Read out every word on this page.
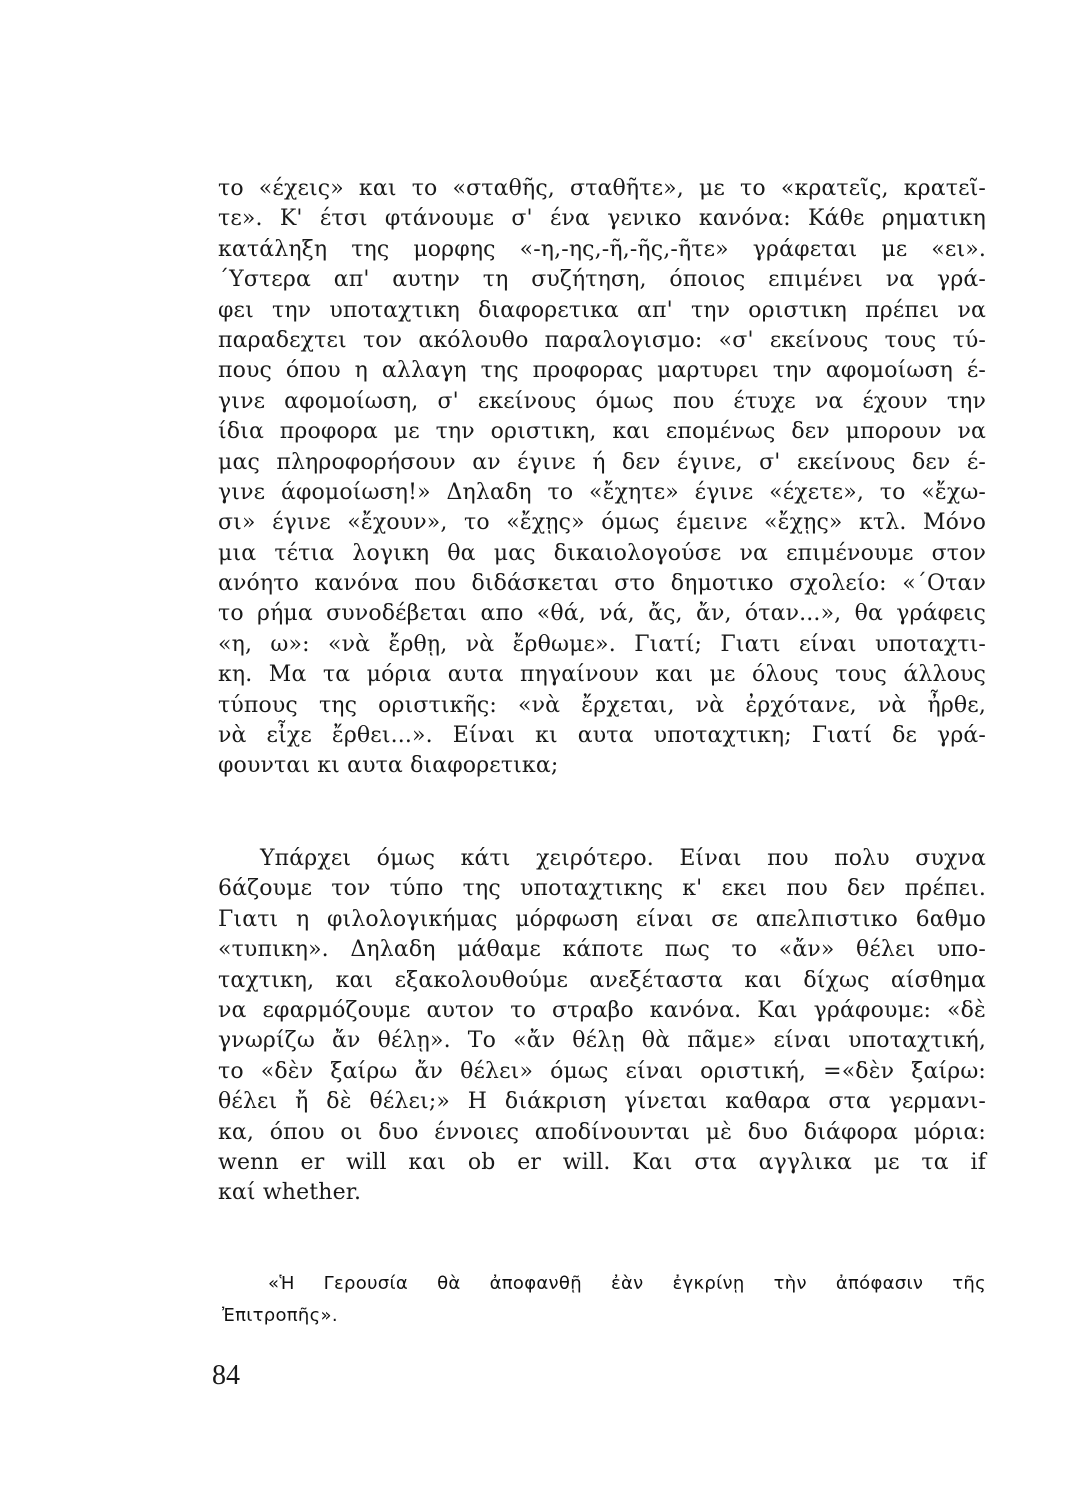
το «έχεις» και το «σταθῆς, σταθῆτε», με το «κρατεῖς, κρατεῖ-
τε». Κ' έτσι φτάνουμε σ' ένα γενικο κανόνα: Κάθε ρηματικη
κατάληξη της μορφης «-η,-ης,-ῆ,-ῆς,-ῆτε» γράφεται με «ει».
΄Υστερα απ' αυτην τη συζήτηση, όποιος επιμένει να γρά-
φει την υποταχτικη διαφορετικα απ' την οριστικη πρέπει να
παραδεχτει τον ακόλουθο παραλογισμο: «σ' εκείνους τους τύ-
πους όπου η αλλαγη της προφορας μαρτυρει την αφομοίωση έ-
γινε αφομοίωση, σ' εκείνους όμως που έτυχε να έχουν την
ίδια προφορα με την οριστικη, και επομένως δεν μπορουν να
μας πληροφορήσουν αν έγινε ή δεν έγινε, σ' εκείνους δεν έ-
γινε άφομοίωση!» Δηλαδη το «ἔχητε» έγινε «έχετε», το «ἔχω-
σι» έγινε «ἔχουν», το «ἔχῃς» όμως έμεινε «ἔχῃς» κτλ. Μόνο
μια τέτια λογικη θα μας δικαιολογούσε να επιμένουμε στον
ανόητο κανόνα που διδάσκεται στο δημοτικο σχολείο: «΄Οταν
το ρήμα συνοδέβεται απο «θά, νά, ἄς, ἄν, όταν...», θα γράφεις
«η, ω»: «νὰ ἔρθῃ, νὰ ἔρθωμε». Γιατί; Γιατι είναι υποταχτι-
κη. Μα τα μόρια αυτα πηγαίνουν και με όλους τους άλλους
τύπους της οριστικῆς: «νὰ ἔρχεται, νὰ ἐρχότανε, νὰ ἦρθε,
νὰ εἶχε ἔρθει...». Είναι κι αυτα υποταχτικη; Γιατί δε γρά-
φουνται κι αυτα διαφορετικα;
Υπάρχει όμως κάτι χειρότερο. Είναι που πολυ συχνα
6άζουμε τον τύπο της υποταχτικης κ' εκει που δεν πρέπει.
Γιατι η φιλολογικήμας μόρφωση είναι σε απελπιστικο 6αθμο
«τυπικη». Δηλαδη μάθαμε κάποτε πως το «ἄν» θέλει υπο-
ταχτικη, και εξακολουθούμε ανεξέταστα και δίχως αίσθημα
να εφαρμόζουμε αυτον το στραβο κανόνα. Και γράφουμε: «δὲ
γνωρίζω ἄν θέλῃ». Το «ἄν θέλῃ θὰ πᾶμε» είναι υποταχτική,
το «δὲν ξαίρω ἄν θέλει» όμως είναι οριστική, =«δὲν ξαίρω:
θέλει ἤ δὲ θέλει;» Η διάκριση γίνεται καθαρα στα γερμανι-
κα, όπου οι δυο έννοιες αποδίνουνται μὲ δυο διάφορα μόρια:
wenn er will και ob er will. Και στα αγγλικα με τα if
καί whether.
«Ἡ Γερουσία θὰ ἀποφανθῇ ἐὰν ἐγκρίνῃ τὴν ἀπόφασιν τῆς
Ἐπιτροπῆς».
84
